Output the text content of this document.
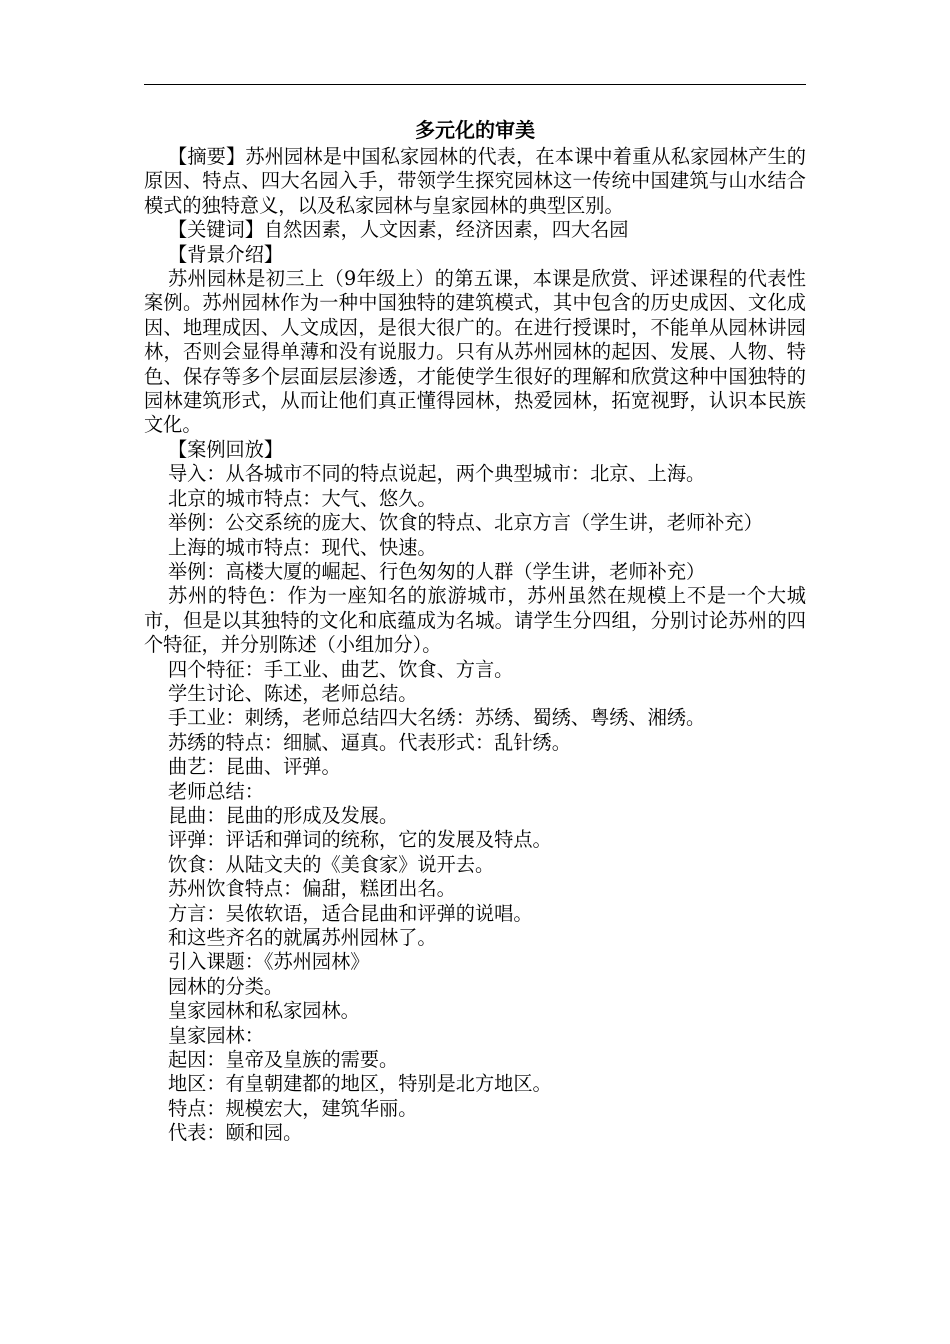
多元化的审美

【摘要】苏州园林是中国私家园林的代表，在本课中着重从私家园林产生的原因、特点、四大名园入手，带领学生探究园林这一传统中国建筑与山水结合模式的独特意义，以及私家园林与皇家园林的典型区别。

【关键词】自然因素，人文因素，经济因素，四大名园

【背景介绍】

苏州园林是初三上（9年级上）的第五课，本课是欣赏、评述课程的代表性案例。苏州园林作为一种中国独特的建筑模式，其中包含的历史成因、文化成因、地理成因、人文成因，是很大很广的。在进行授课时，不能单从园林讲园林，否则会显得单薄和没有说服力。只有从苏州园林的起因、发展、人物、特色、保存等多个层面层层渗透，才能使学生很好的理解和欣赏这种中国独特的园林建筑形式，从而让他们真正懂得园林，热爱园林，拓宽视野，认识本民族文化。

【案例回放】

导入：从各城市不同的特点说起，两个典型城市：北京、上海。

北京的城市特点：大气、悠久。

举例：公交系统的庞大、饮食的特点、北京方言（学生讲，老师补充）

上海的城市特点：现代、快速。

举例：高楼大厦的崛起、行色匆匆的人群（学生讲，老师补充）

苏州的特色：作为一座知名的旅游城市，苏州虽然在规模上不是一个大城市，但是以其独特的文化和底蕴成为名城。请学生分四组，分别讨论苏州的四个特征，并分别陈述（小组加分）。

四个特征：手工业、曲艺、饮食、方言。

学生讨论、陈述，老师总结。

手工业：刺绣，老师总结四大名绣：苏绣、蜀绣、粤绣、湘绣。

苏绣的特点：细腻、逼真。代表形式：乱针绣。

曲艺：昆曲、评弹。

老师总结：

昆曲：昆曲的形成及发展。

评弹：评话和弹词的统称，它的发展及特点。

饮食：从陆文夫的《美食家》说开去。

苏州饮食特点：偏甜，糕团出名。

方言：吴侬软语，适合昆曲和评弹的说唱。

和这些齐名的就属苏州园林了。

引入课题：《苏州园林》

园林的分类。

皇家园林和私家园林。

皇家园林：

起因：皇帝及皇族的需要。

地区：有皇朝建都的地区，特别是北方地区。

特点：规模宏大，建筑华丽。

代表：颐和园。
